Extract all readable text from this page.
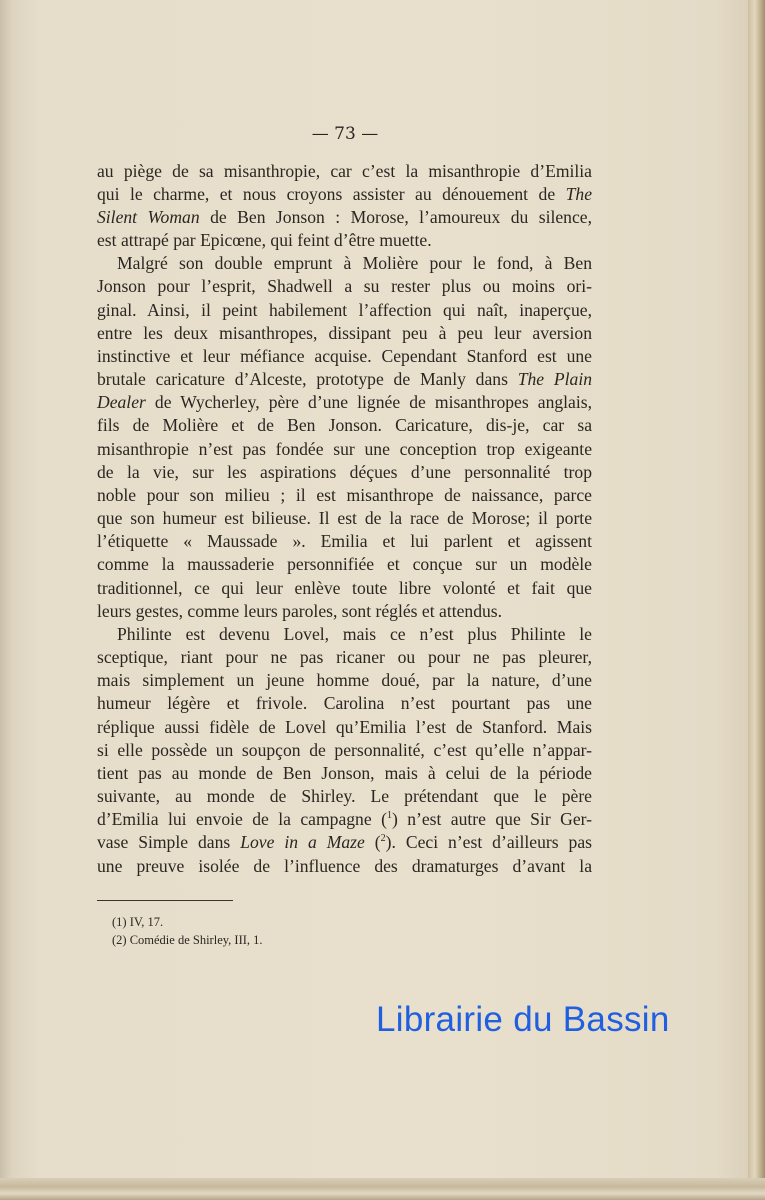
— 73 —
au piège de sa misanthropie, car c’est la misanthropie d’Emilia
qui le charme, et nous croyons assister au dénouement de The
Silent Woman de Ben Jonson : Morose, l’amoureux du silence,
est attrapé par Epicœne, qui feint d’être muette.
Malgré son double emprunt à Molière pour le fond, à Ben
Jonson pour l’esprit, Shadwell a su rester plus ou moins ori-
ginal. Ainsi, il peint habilement l’affection qui naît, inaperçue,
entre les deux misanthropes, dissipant peu à peu leur aversion
instinctive et leur méfiance acquise. Cependant Stanford est une
brutale caricature d’Alceste, prototype de Manly dans The Plain
Dealer de Wycherley, père d’une lignée de misanthropes anglais,
fils de Molière et de Ben Jonson. Caricature, dis-je, car sa
misanthropie n’est pas fondée sur une conception trop exigeante
de la vie, sur les aspirations déçues d’une personnalité trop
noble pour son milieu ; il est misanthrope de naissance, parce
que son humeur est bilieuse. Il est de la race de Morose; il porte
l’étiquette « Maussade ». Emilia et lui parlent et agissent
comme la maussaderie personnifiée et conçue sur un modèle
traditionnel, ce qui leur enlève toute libre volonté et fait que
leurs gestes, comme leurs paroles, sont réglés et attendus.
Philinte est devenu Lovel, mais ce n’est plus Philinte le
sceptique, riant pour ne pas ricaner ou pour ne pas pleurer,
mais simplement un jeune homme doué, par la nature, d’une
humeur légère et frivole. Carolina n’est pourtant pas une
réplique aussi fidèle de Lovel qu’Emilia l’est de Stanford. Mais
si elle possède un soupçon de personnalité, c’est qu’elle n’appar-
tient pas au monde de Ben Jonson, mais à celui de la période
suivante, au monde de Shirley. Le prétendant que le père
d’Emilia lui envoie de la campagne ($^1$) n’est autre que Sir Ger-
vase Simple dans Love in a Maze ($^2$). Ceci n’est d’ailleurs pas
une preuve isolée de l’influence des dramaturges d’avant la
(1) IV, 17.
(2) Comédie de Shirley, III, 1.
Librairie du Bassin
